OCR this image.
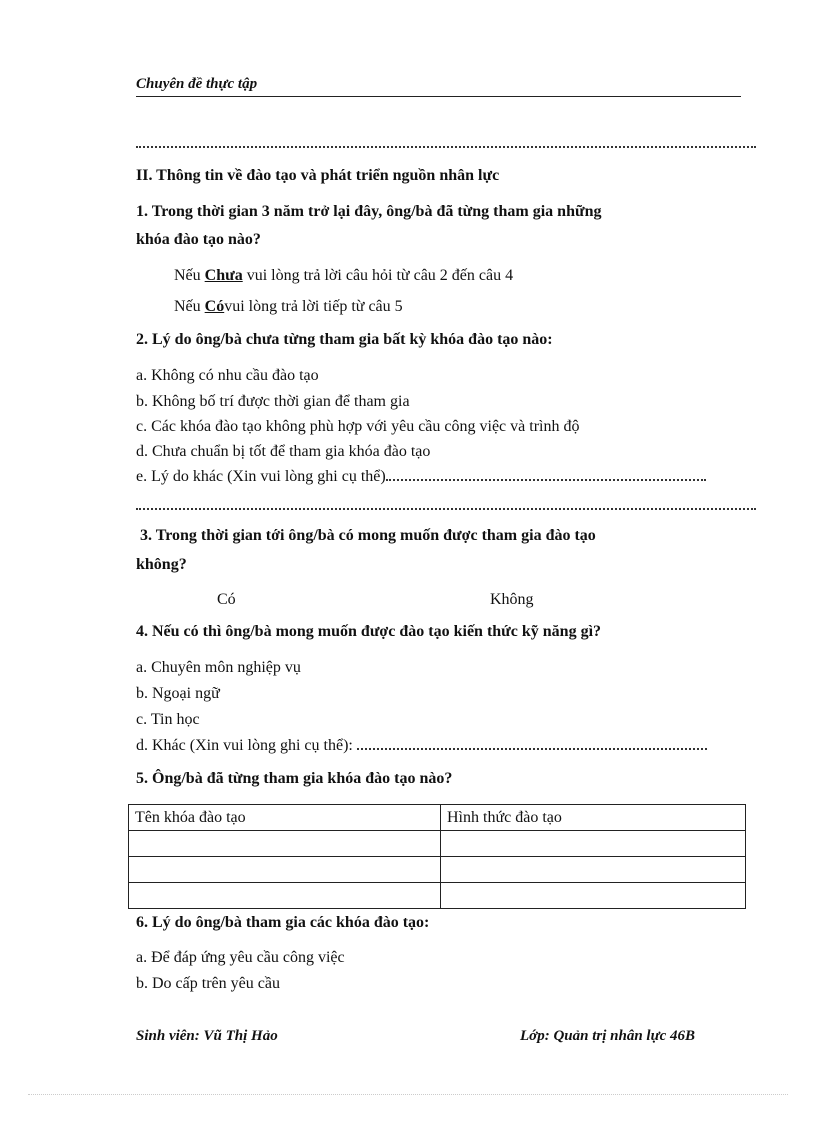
Chuyên đề thực tập
II. Thông tin về đào tạo và phát triển nguồn nhân lực
1. Trong thời gian 3 năm trở lại đây, ông/bà đã từng tham gia những
khóa đào tạo nào?
Nếu Chưa vui lòng trả lời câu hỏi từ câu 2 đến câu 4
Nếu Cóvui lòng trả lời tiếp từ câu 5
2. Lý do ông/bà chưa từng tham gia bất kỳ khóa đào tạo nào:
a. Không có nhu cầu đào tạo
b. Không bố trí được thời gian để tham gia
c. Các khóa đào tạo không phù hợp với yêu cầu công việc và trình độ
d. Chưa chuẩn bị tốt để tham gia khóa đào tạo
e. Lý do khác (Xin vui lòng ghi cụ thể)
3. Trong thời gian tới ông/bà có mong muốn được tham gia đào tạo
không?
Có	Không
4. Nếu có thì ông/bà mong muốn được đào tạo kiến thức kỹ năng gì?
a. Chuyên môn nghiệp vụ
b. Ngoại ngữ
c. Tin học
d. Khác (Xin vui lòng ghi cụ thể):
5. Ông/bà đã từng tham gia khóa đào tạo nào?
Tên khóa đào tạo	Hình thức đào tạo

6. Lý do ông/bà tham gia các khóa đào tạo:
a. Để đáp ứng yêu cầu công việc
b. Do cấp trên yêu cầu
Sinh viên: Vũ Thị Hảo	Lớp: Quản trị nhân lực 46B
